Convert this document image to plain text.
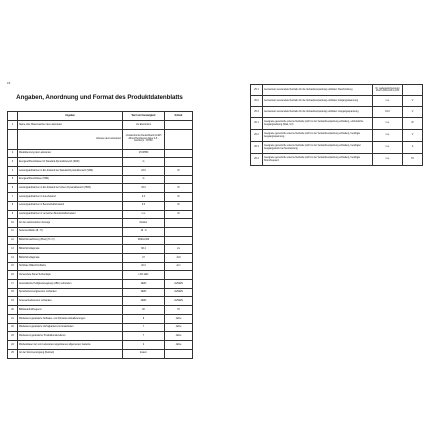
16
Angaben, Anordnung und Format des Produktdatenblatts
	Angaben	Wert und Genauigkeit	Einheit
1	Name oder Warenzeichen des Lieferanten	LG Electronics	
	Adresse des Lieferanten	LG Electronics Deutschland GmbH Alfred-Herrhausen-Allee 3-5 - Eschborn - 65760	
2	Modellkennung des Lieferanten	27UP850	
3	Energieeffizienzklasse für Standard-Dynamikbereich (SDR)	G	
4	Leistungsaufnahme im Ein-Zustand bei Standard-Dynamikbereich (SDR)	23.0	W
5	Energieeffizienzklasse (HDR)	G	
6	Leistungsaufnahme im Ein-Zustand bei hohem Dynamikbereich (HDR)	33.0	W
7	Leistungsaufnahme im Aus-Zustand	0.3	W
8	Leistungsaufnahme im Bereitschaftszustand	0.5	W
9	Leistungsaufnahme im vernetzten Bereitschaftszustand	n.a.	W
10	Art der elektronischen Anzeige	Monitor	
11	Seitenverhältnis (B : H)	16 : 9	
12	Bildschirmauflösung (Pixel) (H x V)	3840x2160	
13	Bildschirmdiagonale	68.4	cm
14	Bildschirmdiagonale	27	Zoll
15	Sichtbare Bildschirmfläche	20.0	dm²
16	Verwendete Panel-Technologie	LCD LED	
17	Automatische Helligkeitsregelung (ABC) vorhanden	NEIN	JA/NEIN
18	Spracherkennungssensor vorhanden	NEIN	JA/NEIN
19	Anwesenheitssensor vorhanden	NEIN	JA/NEIN
20	Bildwiederholfrequenz	60	Hz
21	Mindestens garantierte Software- und Firmware-Aktualisierungen	8	Jahre
22	Mindestens garantierte Verfügbarkeit von Ersatzteilen	7	Jahre
23	Mindestens garantierter Produktkundendienst	7	Jahre
24	Mindestdauer der vom Lieferanten angebotenen allgemeinen Garantie	2	Jahre
25	Art der Stromversorgung (Netzteil)	Extern	
25.1	Gemeinsam verwendete Netzteile für die Verkaufsverpackung enthalten: Beschreibung	Nr. Ladegerät-Kennung 18-2V AC/LCAP-A 19V	
25.2	Gemeinsam verwendete Netzteile für die Verkaufsverpackung enthalten: Eingangsspannung	n.a.	V
25.3	Gemeinsam verwendete Netzteile für die Verkaufsverpackung enthalten: Ausgangsspannung	19.0	V
26.1	Geeignete generische externe Netzteile (nicht in der Verkaufsverpackung enthalten), erforderliche Ausgangsleistung (Watt, CV)	n.a.	W
26.2	Geeignete generische externe Netzteile (nicht in der Verkaufsverpackung enthalten), benötigte Ausgangsspannung	n.a.	V
26.3	Geeignete generische externe Netzteile (nicht in der Verkaufsverpackung enthalten), benötigter Ausgangsstrom bei Nennleistung	n.a.	A
26.4	Geeignete generische externe Netzteile (nicht in der Verkaufsverpackung enthalten), benötigte Stromfrequenz	n.a.	Hz
